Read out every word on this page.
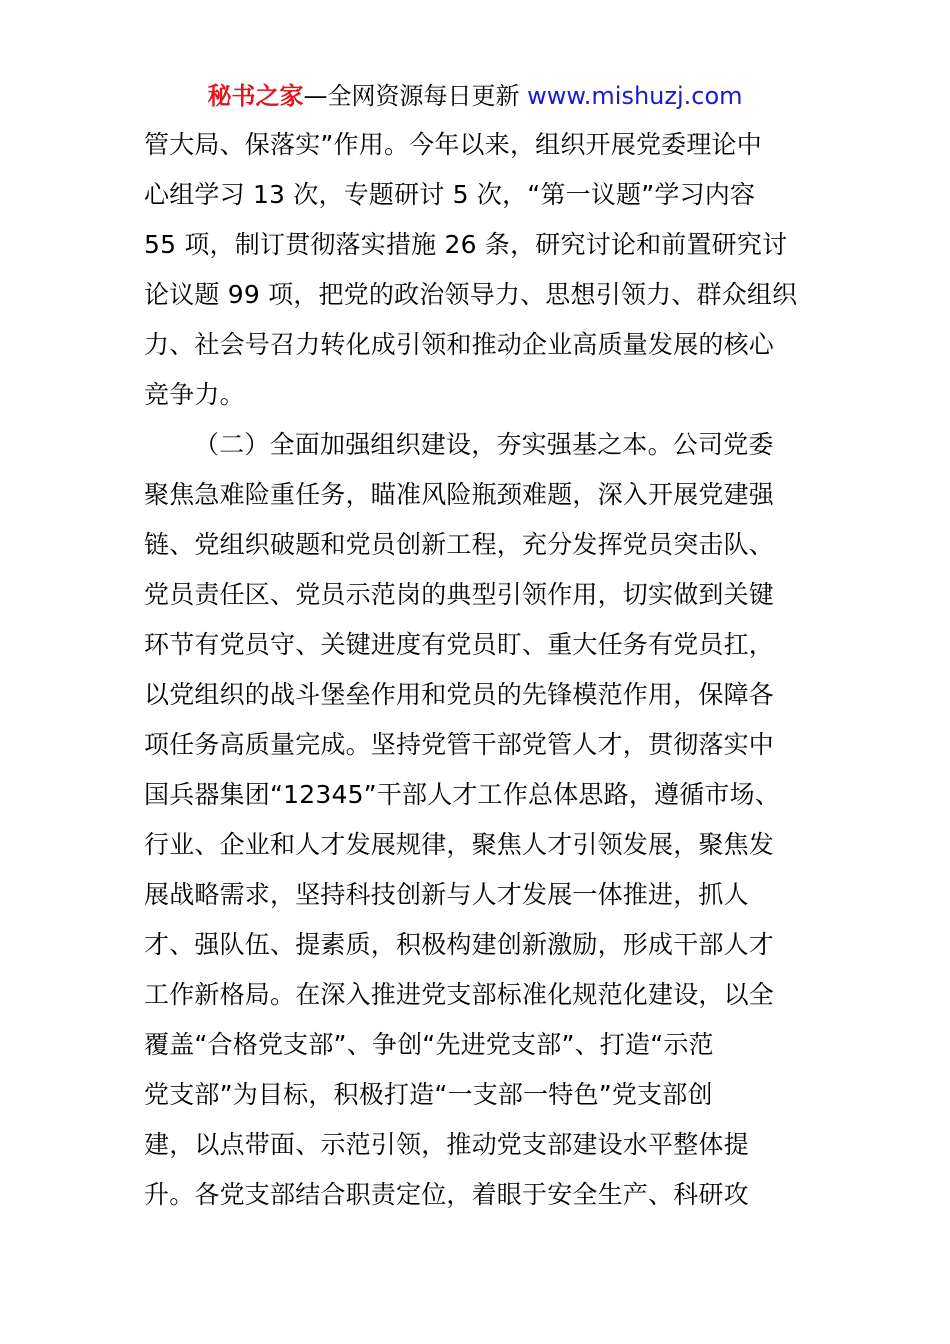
秘书之家—全网资源每日更新 www.mishuzj.com
管大局、保落实”作用。今年以来，组织开展党委理论中
心组学习 13 次，专题研讨 5 次，“第一议题”学习内容
55 项，制订贯彻落实措施 26 条，研究讨论和前置研究讨
论议题 99 项，把党的政治领导力、思想引领力、群众组织
力、社会号召力转化成引领和推动企业高质量发展的核心
竞争力。
（二）全面加强组织建设，夯实强基之本。公司党委
聚焦急难险重任务，瞄准风险瓶颈难题，深入开展党建强
链、党组织破题和党员创新工程，充分发挥党员突击队、
党员责任区、党员示范岗的典型引领作用，切实做到关键
环节有党员守、关键进度有党员盯、重大任务有党员扛，
以党组织的战斗堡垒作用和党员的先锋模范作用，保障各
项任务高质量完成。坚持党管干部党管人才，贯彻落实中
国兵器集团“12345”干部人才工作总体思路，遵循市场、
行业、企业和人才发展规律，聚焦人才引领发展，聚焦发
展战略需求，坚持科技创新与人才发展一体推进，抓人
才、强队伍、提素质，积极构建创新激励，形成干部人才
工作新格局。在深入推进党支部标准化规范化建设，以全
覆盖“合格党支部”、争创“先进党支部”、打造“示范
党支部”为目标，积极打造“一支部一特色”党支部创
建，以点带面、示范引领，推动党支部建设水平整体提
升。各党支部结合职责定位，着眼于安全生产、科研攻
